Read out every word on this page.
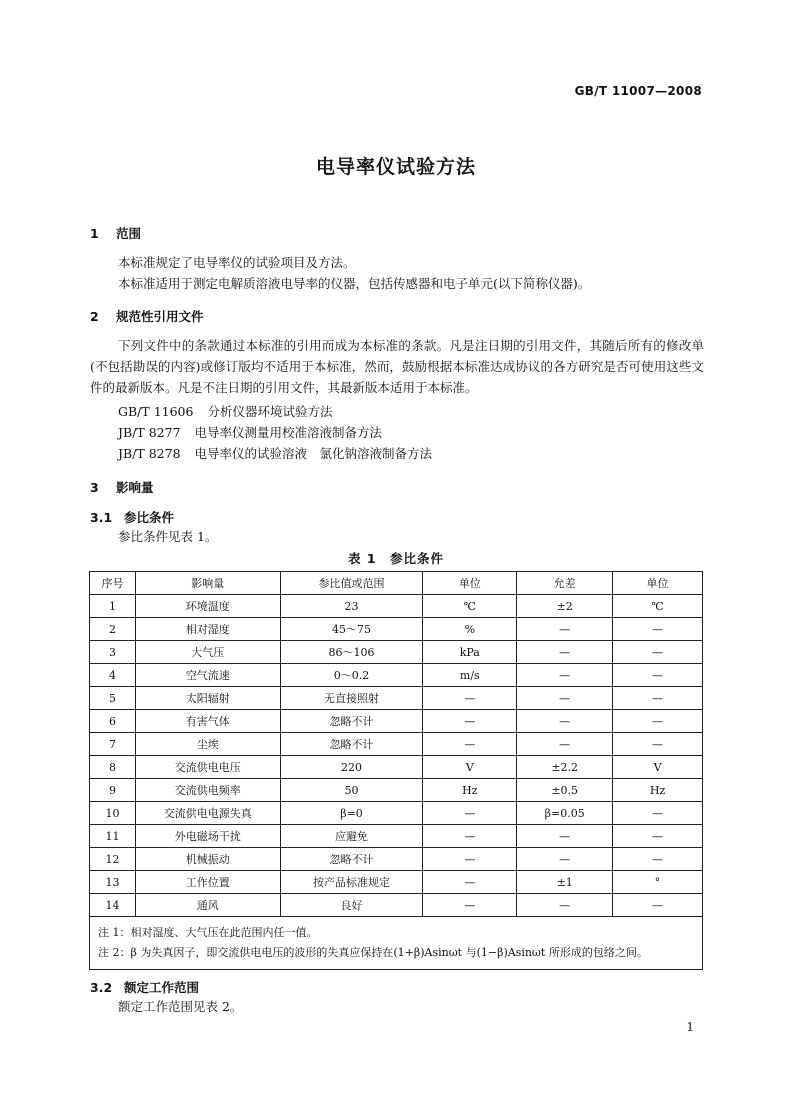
GB/T 11007—2008
电导率仪试验方法
1 范围
本标准规定了电导率仪的试验项目及方法。
本标准适用于测定电解质溶液电导率的仪器，包括传感器和电子单元(以下简称仪器)。
2 规范性引用文件
下列文件中的条款通过本标准的引用而成为本标准的条款。凡是注日期的引用文件，其随后所有的修改单(不包括勘误的内容)或修订版均不适用于本标准，然而，鼓励根据本标准达成协议的各方研究是否可使用这些文件的最新版本。凡是不注日期的引用文件，其最新版本适用于本标准。
GB/T 11606 分析仪器环境试验方法
JB/T 8277 电导率仪测量用校准溶液制备方法
JB/T 8278 电导率仪的试验溶液　氯化钠溶液制备方法
3 影响量
3.1 参比条件
参比条件见表 1。
表 1　参比条件
序号	影响量	参比值或范围	单位	允差	单位
1	环境温度	23	℃	±2	℃
2	相对湿度	45～75	%	—	—
3	大气压	86～106	kPa	—	—
4	空气流速	0～0.2	m/s	—	—
5	太阳辐射	无直接照射	—	—	—
6	有害气体	忽略不计	—	—	—
7	尘埃	忽略不计	—	—	—
8	交流供电电压	220	V	±2.2	V
9	交流供电频率	50	Hz	±0.5	Hz
10	交流供电电源失真	β=0	—	β=0.05	—
11	外电磁场干扰	应避免	—	—	—
12	机械振动	忽略不计	—	—	—
13	工作位置	按产品标准规定	—	±1	°
14	通风	良好	—	—	—

注 1：相对湿度、大气压在此范围内任一值。
注 2：β 为失真因子，即交流供电电压的波形的失真应保持在(1+β)Asinωt 与(1−β)Asinωt 所形成的包络之间。					
3.2 额定工作范围
额定工作范围见表 2。
1
